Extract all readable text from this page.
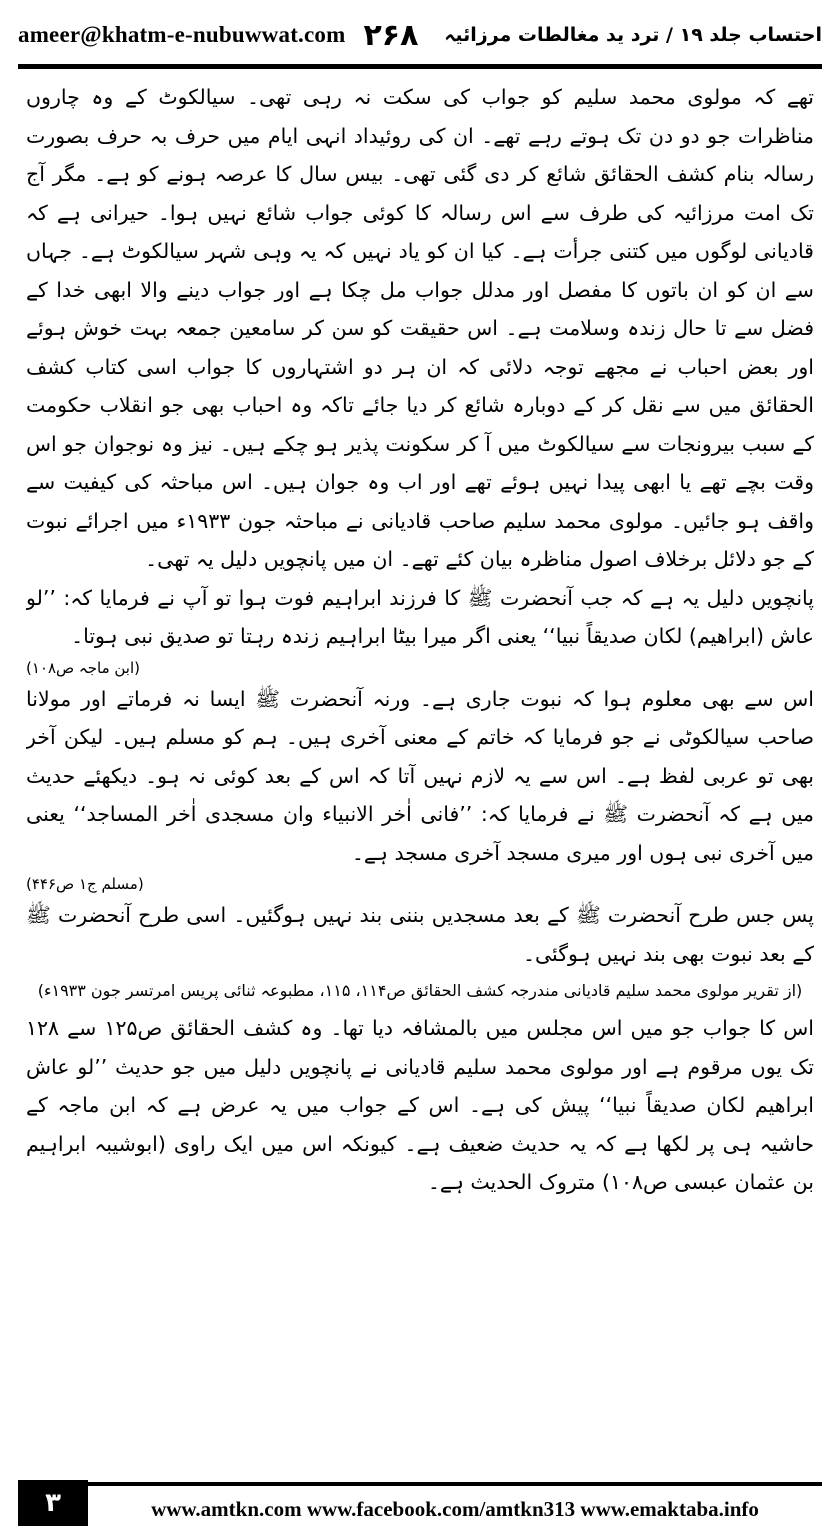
ameer@khatm-e-nubuwwat.com ۲۶۸ احتساب جلد ۱۹ / ترد ید مغالطات مرزائیہ

تھے کہ مولوی محمد سلیم کو جواب کی سکت نہ رہی تھی۔ سیالکوٹ کے وہ چاروں مناظرات جو دو دن تک ہوتے رہے تھے۔ ان کی روئیداد انہی ایام میں حرف بہ حرف بصورت رسالہ بنام کشف الحقائق شائع کر دی گئی تھی۔ بیس سال کا عرصہ ہونے کو ہے۔ مگر آج تک امت مرزائیہ کی طرف سے اس رسالہ کا کوئی جواب شائع نہیں ہوا۔ حیرانی ہے کہ قادیانی لوگوں میں کتنی جرأت ہے۔ کیا ان کو یاد نہیں کہ یہ وہی شہر سیالکوٹ ہے۔ جہاں سے ان کو ان باتوں کا مفصل اور مدلل جواب مل چکا ہے اور جواب دینے والا ابھی خدا کے فضل سے تا حال زندہ وسلامت ہے۔ اس حقیقت کو سن کر سامعین جمعہ بہت خوش ہوئے اور بعض احباب نے مجھے توجہ دلائی کہ ان ہر دو اشتہاروں کا جواب اسی کتاب کشف الحقائق میں سے نقل کر کے دوبارہ شائع کر دیا جائے تاکہ وہ احباب بھی جو انقلاب حکومت کے سبب بیرونجات سے سیالکوٹ میں آ کر سکونت پذیر ہو چکے ہیں۔ نیز وہ نوجوان جو اس وقت بچے تھے یا ابھی پیدا نہیں ہوئے تھے اور اب وہ جوان ہیں۔ اس مباحثہ کی کیفیت سے واقف ہو جائیں۔ مولوی محمد سلیم صاحب قادیانی نے مباحثہ جون ۱۹۳۳ء میں اجرائے نبوت کے جو دلائل برخلاف اصول مناظرہ بیان کئے تھے۔ ان میں پانچویں دلیل یہ تھی۔

پانچویں دلیل یہ ہے کہ جب آنحضرت ﷺ کا فرزند ابراہیم فوت ہوا تو آپ نے فرمایا کہ: ’’لو عاش (ابراھیم) لکان صدیقاً نبیا‘‘ یعنی اگر میرا بیٹا ابراہیم زندہ رہتا تو صدیق نبی ہوتا۔
(ابن ماجہ ص۱۰۸)

اس سے بھی معلوم ہوا کہ نبوت جاری ہے۔ ورنہ آنحضرت ﷺ ایسا نہ فرماتے اور مولانا صاحب سیالکوٹی نے جو فرمایا کہ خاتم کے معنی آخری ہیں۔ ہم کو مسلم ہیں۔ لیکن آخر بھی تو عربی لفظ ہے۔ اس سے یہ لازم نہیں آتا کہ اس کے بعد کوئی نہ ہو۔ دیکھئے حدیث میں ہے کہ آنحضرت ﷺ نے فرمایا کہ: ’’فانی اٰخر الانبیاء وان مسجدی اٰخر المساجد‘‘ یعنی میں آخری نبی ہوں اور میری مسجد آخری مسجد ہے۔
(مسلم ج۱ ص۴۴۶)

پس جس طرح آنحضرت ﷺ کے بعد مسجدیں بننی بند نہیں ہوگئیں۔ اسی طرح آنحضرت ﷺ کے بعد نبوت بھی بند نہیں ہوگئی۔

(از تقریر مولوی محمد سلیم قادیانی مندرجہ کشف الحقائق ص۱۱۴، ۱۱۵، مطبوعہ ثنائی پریس امرتسر جون ۱۹۳۳ء)

اس کا جواب جو میں اس مجلس میں بالمشافہ دیا تھا۔ وہ کشف الحقائق ص۱۲۵ سے ۱۲۸ تک یوں مرقوم ہے اور مولوی محمد سلیم قادیانی نے پانچویں دلیل میں جو حدیث ’’لو عاش ابراھیم لکان صدیقاً نبیا‘‘ پیش کی ہے۔ اس کے جواب میں یہ عرض ہے کہ ابن ماجہ کے حاشیہ ہی پر لکھا ہے کہ یہ حدیث ضعیف ہے۔ کیونکہ اس میں ایک راوی (ابوشیبہ ابراہیم بن عثمان عبسی ص۱۰۸) متروک الحدیث ہے۔

۳	www.amtkn.com www.facebook.com/amtkn313 www.emaktaba.info
